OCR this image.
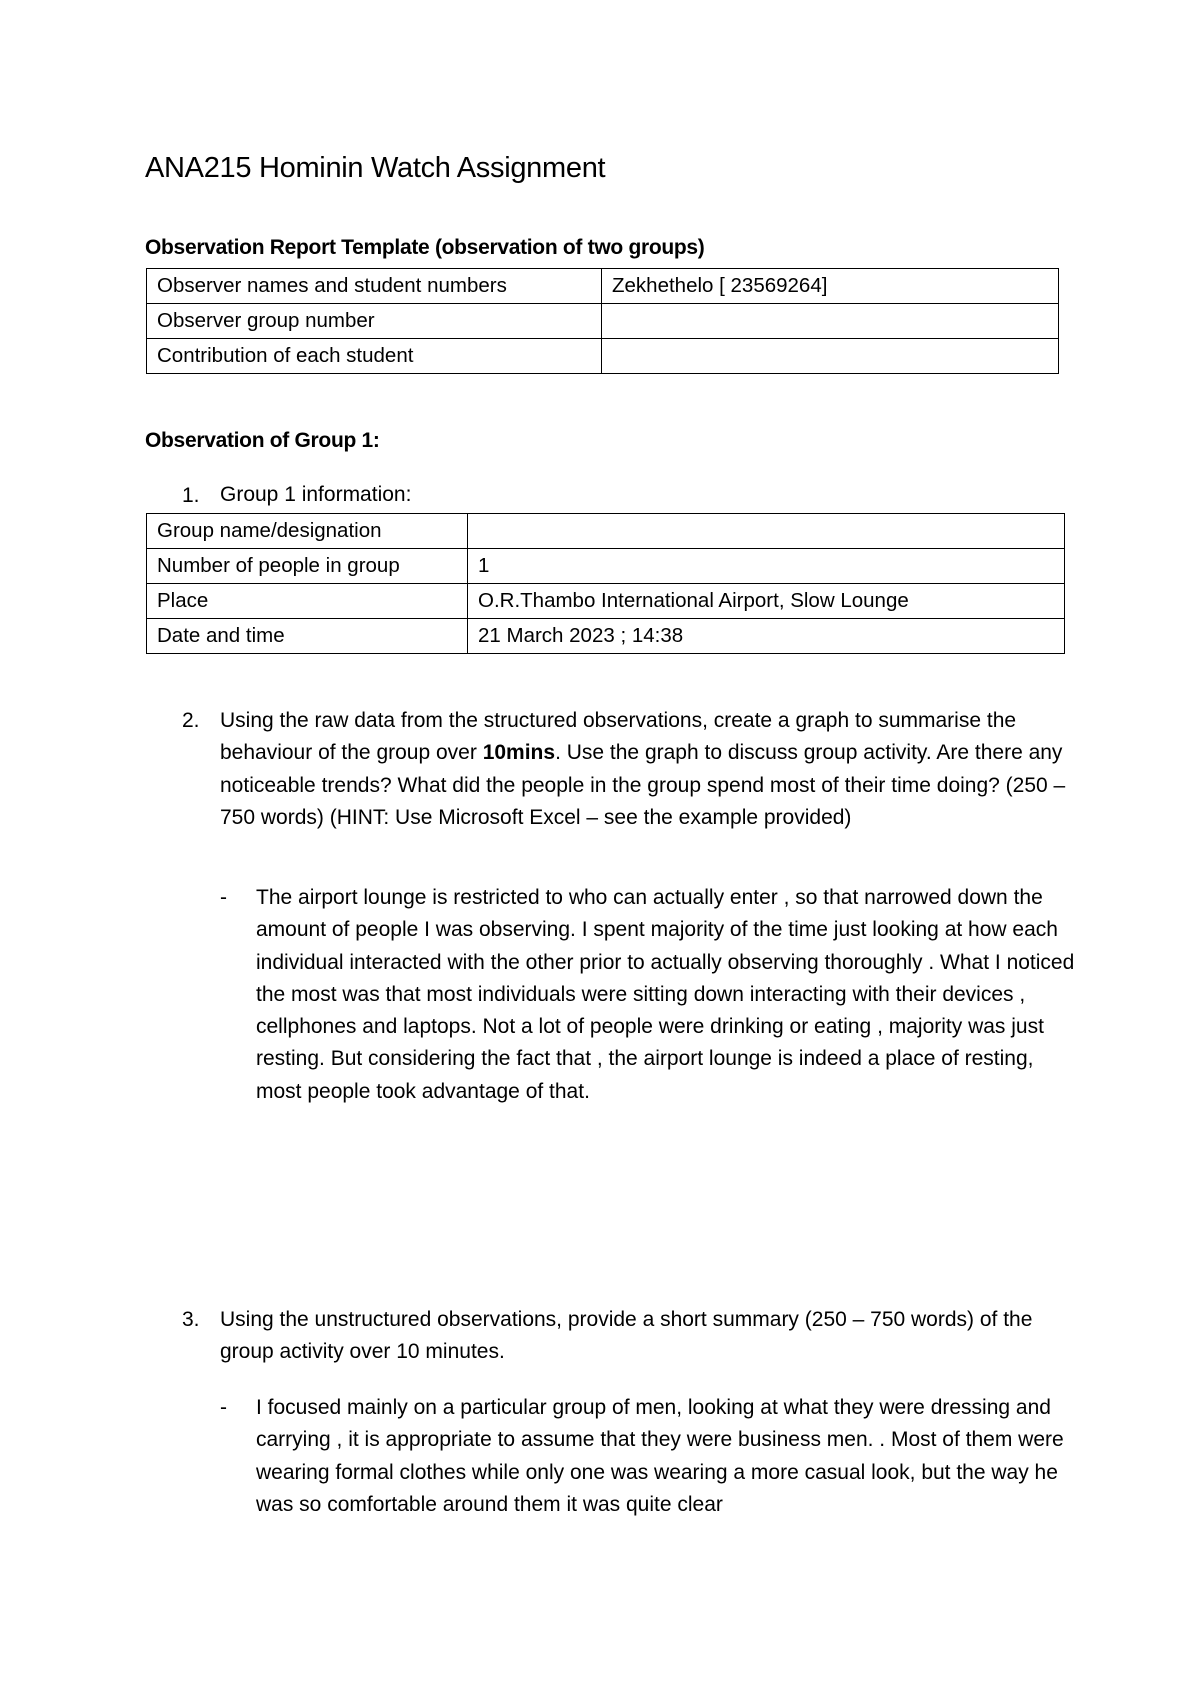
ANA215 Hominin Watch Assignment
Observation Report Template (observation of two groups)
Observer names and student numbers	Zekhethelo [ 23569264]
Observer group number	
Contribution of each student	
Observation of Group 1:
1. Group 1 information:
Group name/designation	
Number of people in group	1
Place	O.R.Thambo International Airport, Slow Lounge
Date and time	21 March 2023 ; 14:38
2. Using the raw data from the structured observations, create a graph to summarise the behaviour of the group over 10mins. Use the graph to discuss group activity. Are there any noticeable trends? What did the people in the group spend most of their time doing? (250 – 750 words) (HINT: Use Microsoft Excel – see the example provided)

- The airport lounge is restricted to who can actually enter , so that narrowed down the amount of people I was observing. I spent majority of the time just looking at how each individual interacted with the other prior to actually observing thoroughly . What I noticed the most was that most individuals were sitting down interacting with their devices , cellphones and laptops. Not a lot of people were drinking or eating , majority was just resting. But considering the fact that , the airport lounge is indeed a place of resting, most people took advantage of that.

3. Using the unstructured observations, provide a short summary (250 – 750 words) of the group activity over 10 minutes.

- I focused mainly on a particular group of men, looking at what they were dressing and carrying , it is appropriate to assume that they were business men. . Most of them were wearing formal clothes while only one was wearing a more casual look, but the way he was so comfortable around them it was quite clear
